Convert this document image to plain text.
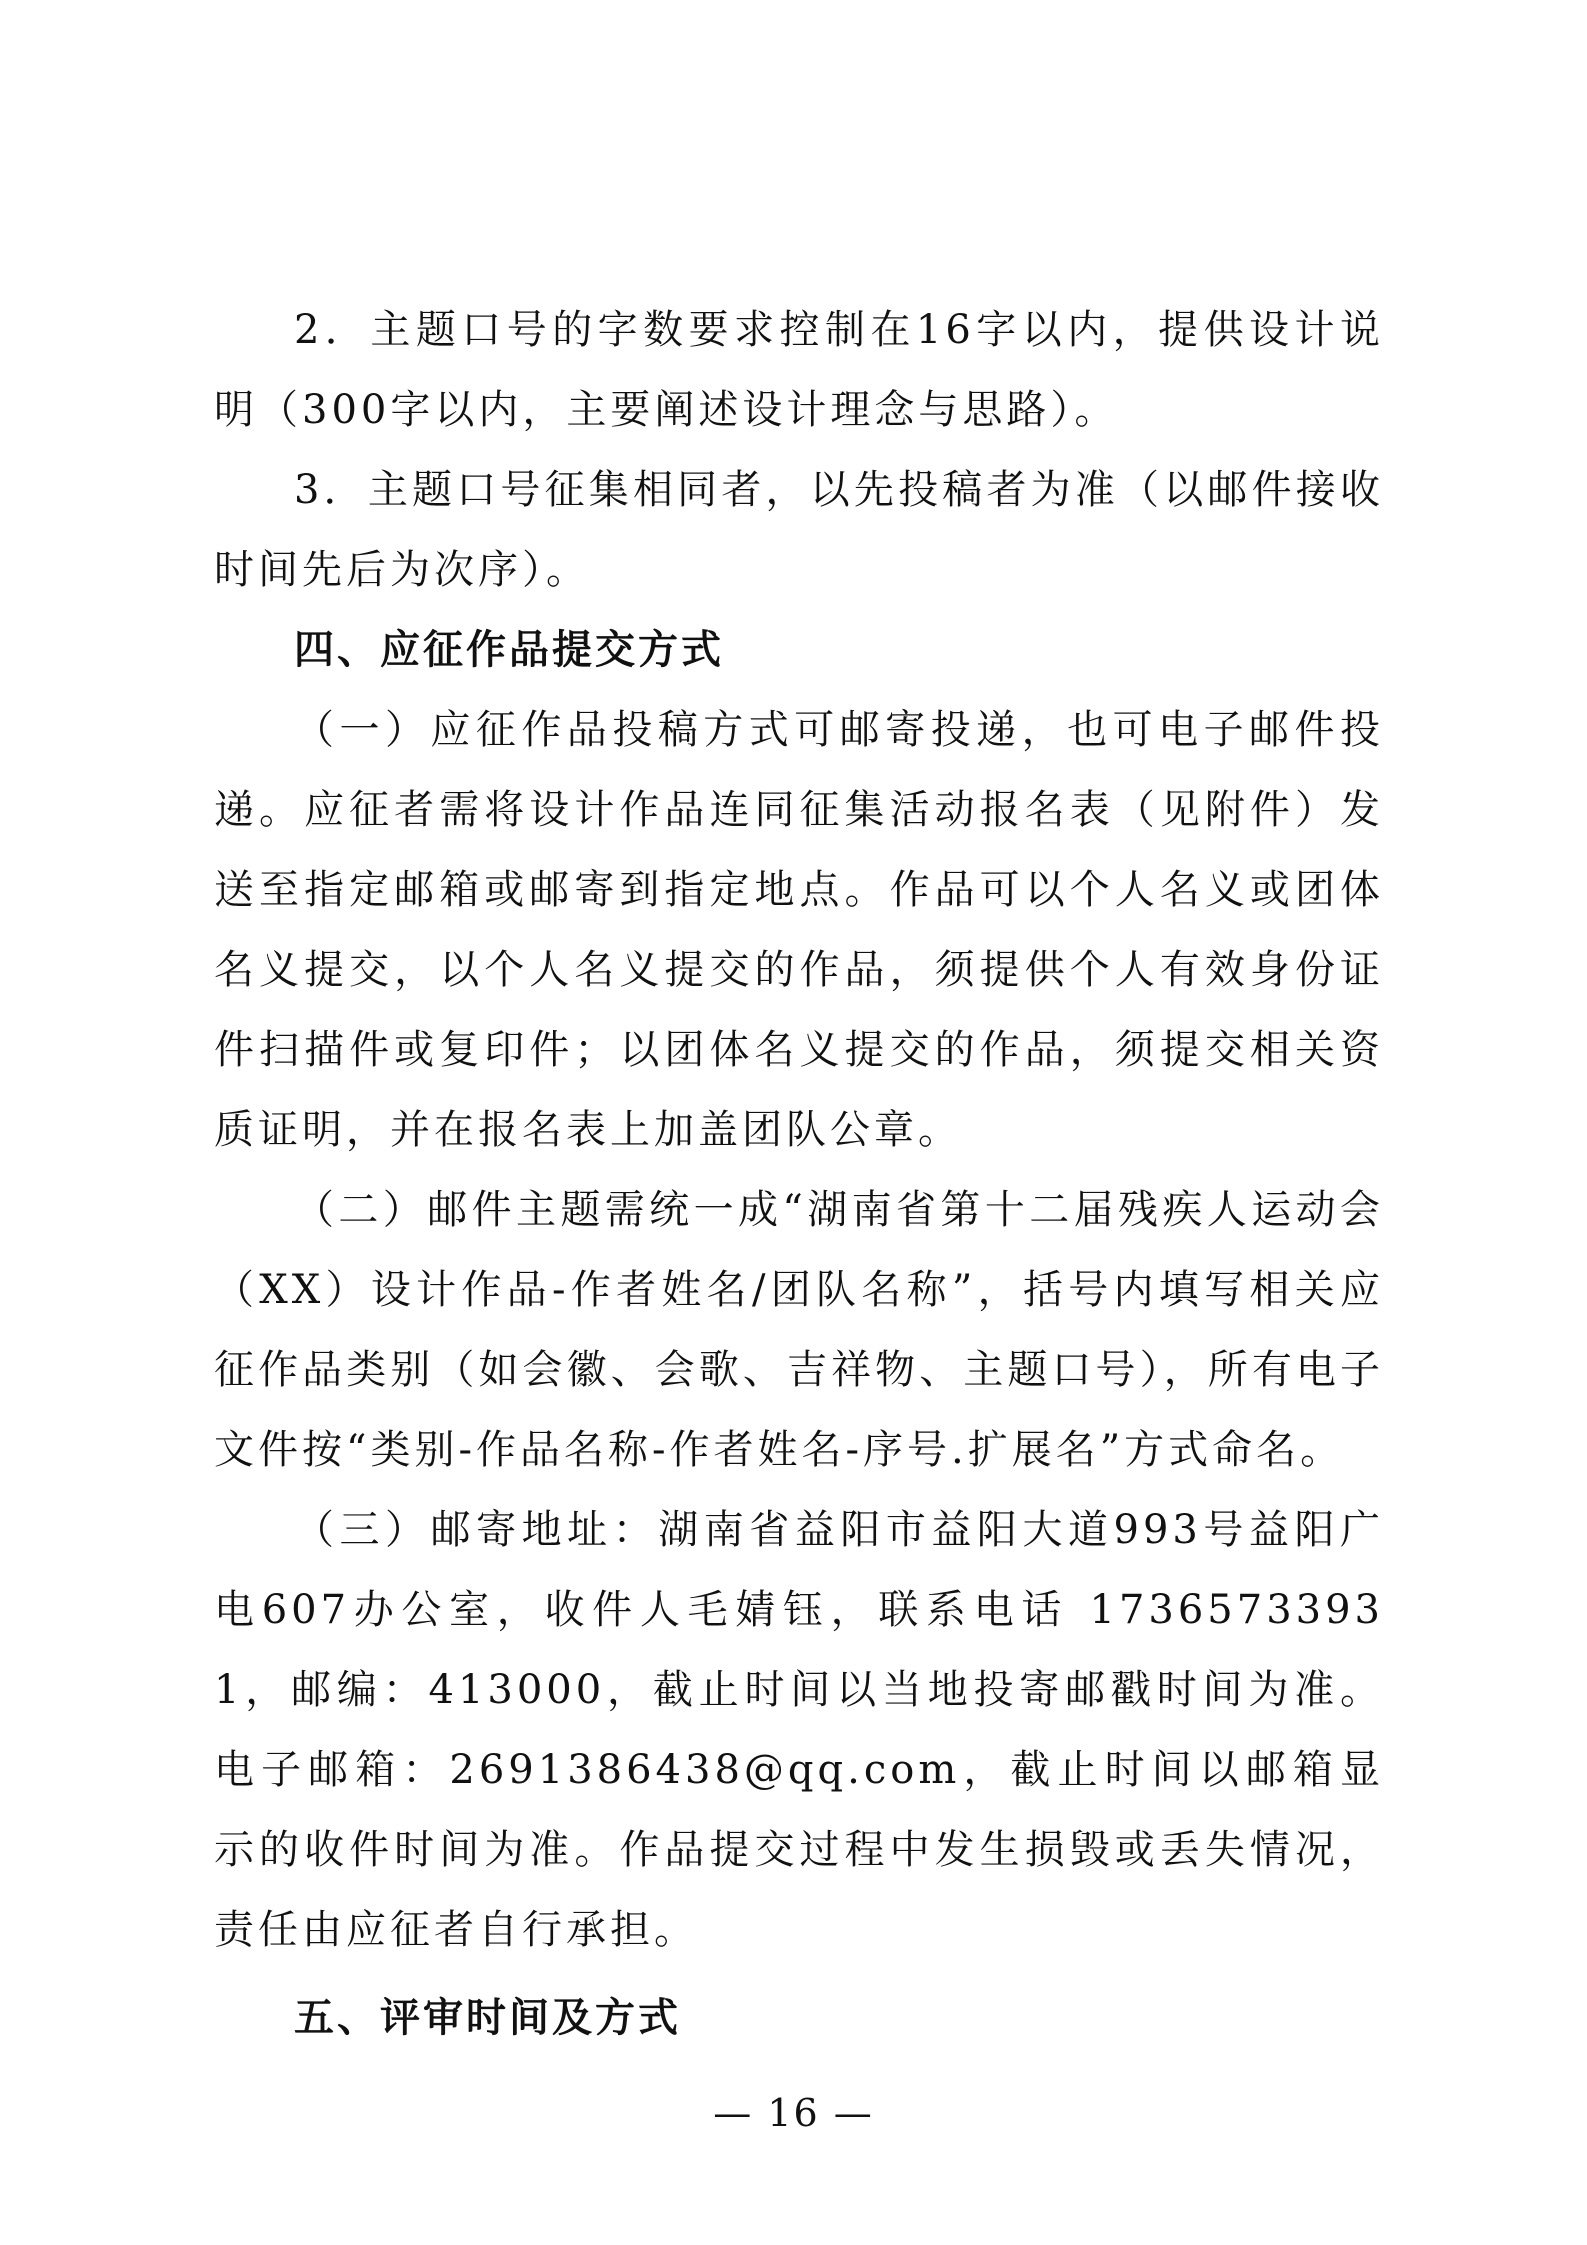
2．主题口号的字数要求控制在16字以内，提供设计说明（300字以内，主要阐述设计理念与思路）。

3．主题口号征集相同者，以先投稿者为准（以邮件接收时间先后为次序）。

四、应征作品提交方式

（一）应征作品投稿方式可邮寄投递，也可电子邮件投递。应征者需将设计作品连同征集活动报名表（见附件）发送至指定邮箱或邮寄到指定地点。作品可以个人名义或团体名义提交，以个人名义提交的作品，须提供个人有效身份证件扫描件或复印件；以团体名义提交的作品，须提交相关资质证明，并在报名表上加盖团队公章。

（二）邮件主题需统一成“湖南省第十二届残疾人运动会（XX）设计作品-作者姓名/团队名称”，括号内填写相关应征作品类别（如会徽、会歌、吉祥物、主题口号），所有电子文件按“类别-作品名称-作者姓名-序号.扩展名”方式命名。

（三）邮寄地址：湖南省益阳市益阳大道993号益阳广电607办公室，收件人毛婧钰，联系电话 17365733931，邮编：413000，截止时间以当地投寄邮戳时间为准。电子邮箱：2691386438@qq.com，截止时间以邮箱显示的收件时间为准。作品提交过程中发生损毁或丢失情况，责任由应征者自行承担。

五、评审时间及方式

— 16 —
